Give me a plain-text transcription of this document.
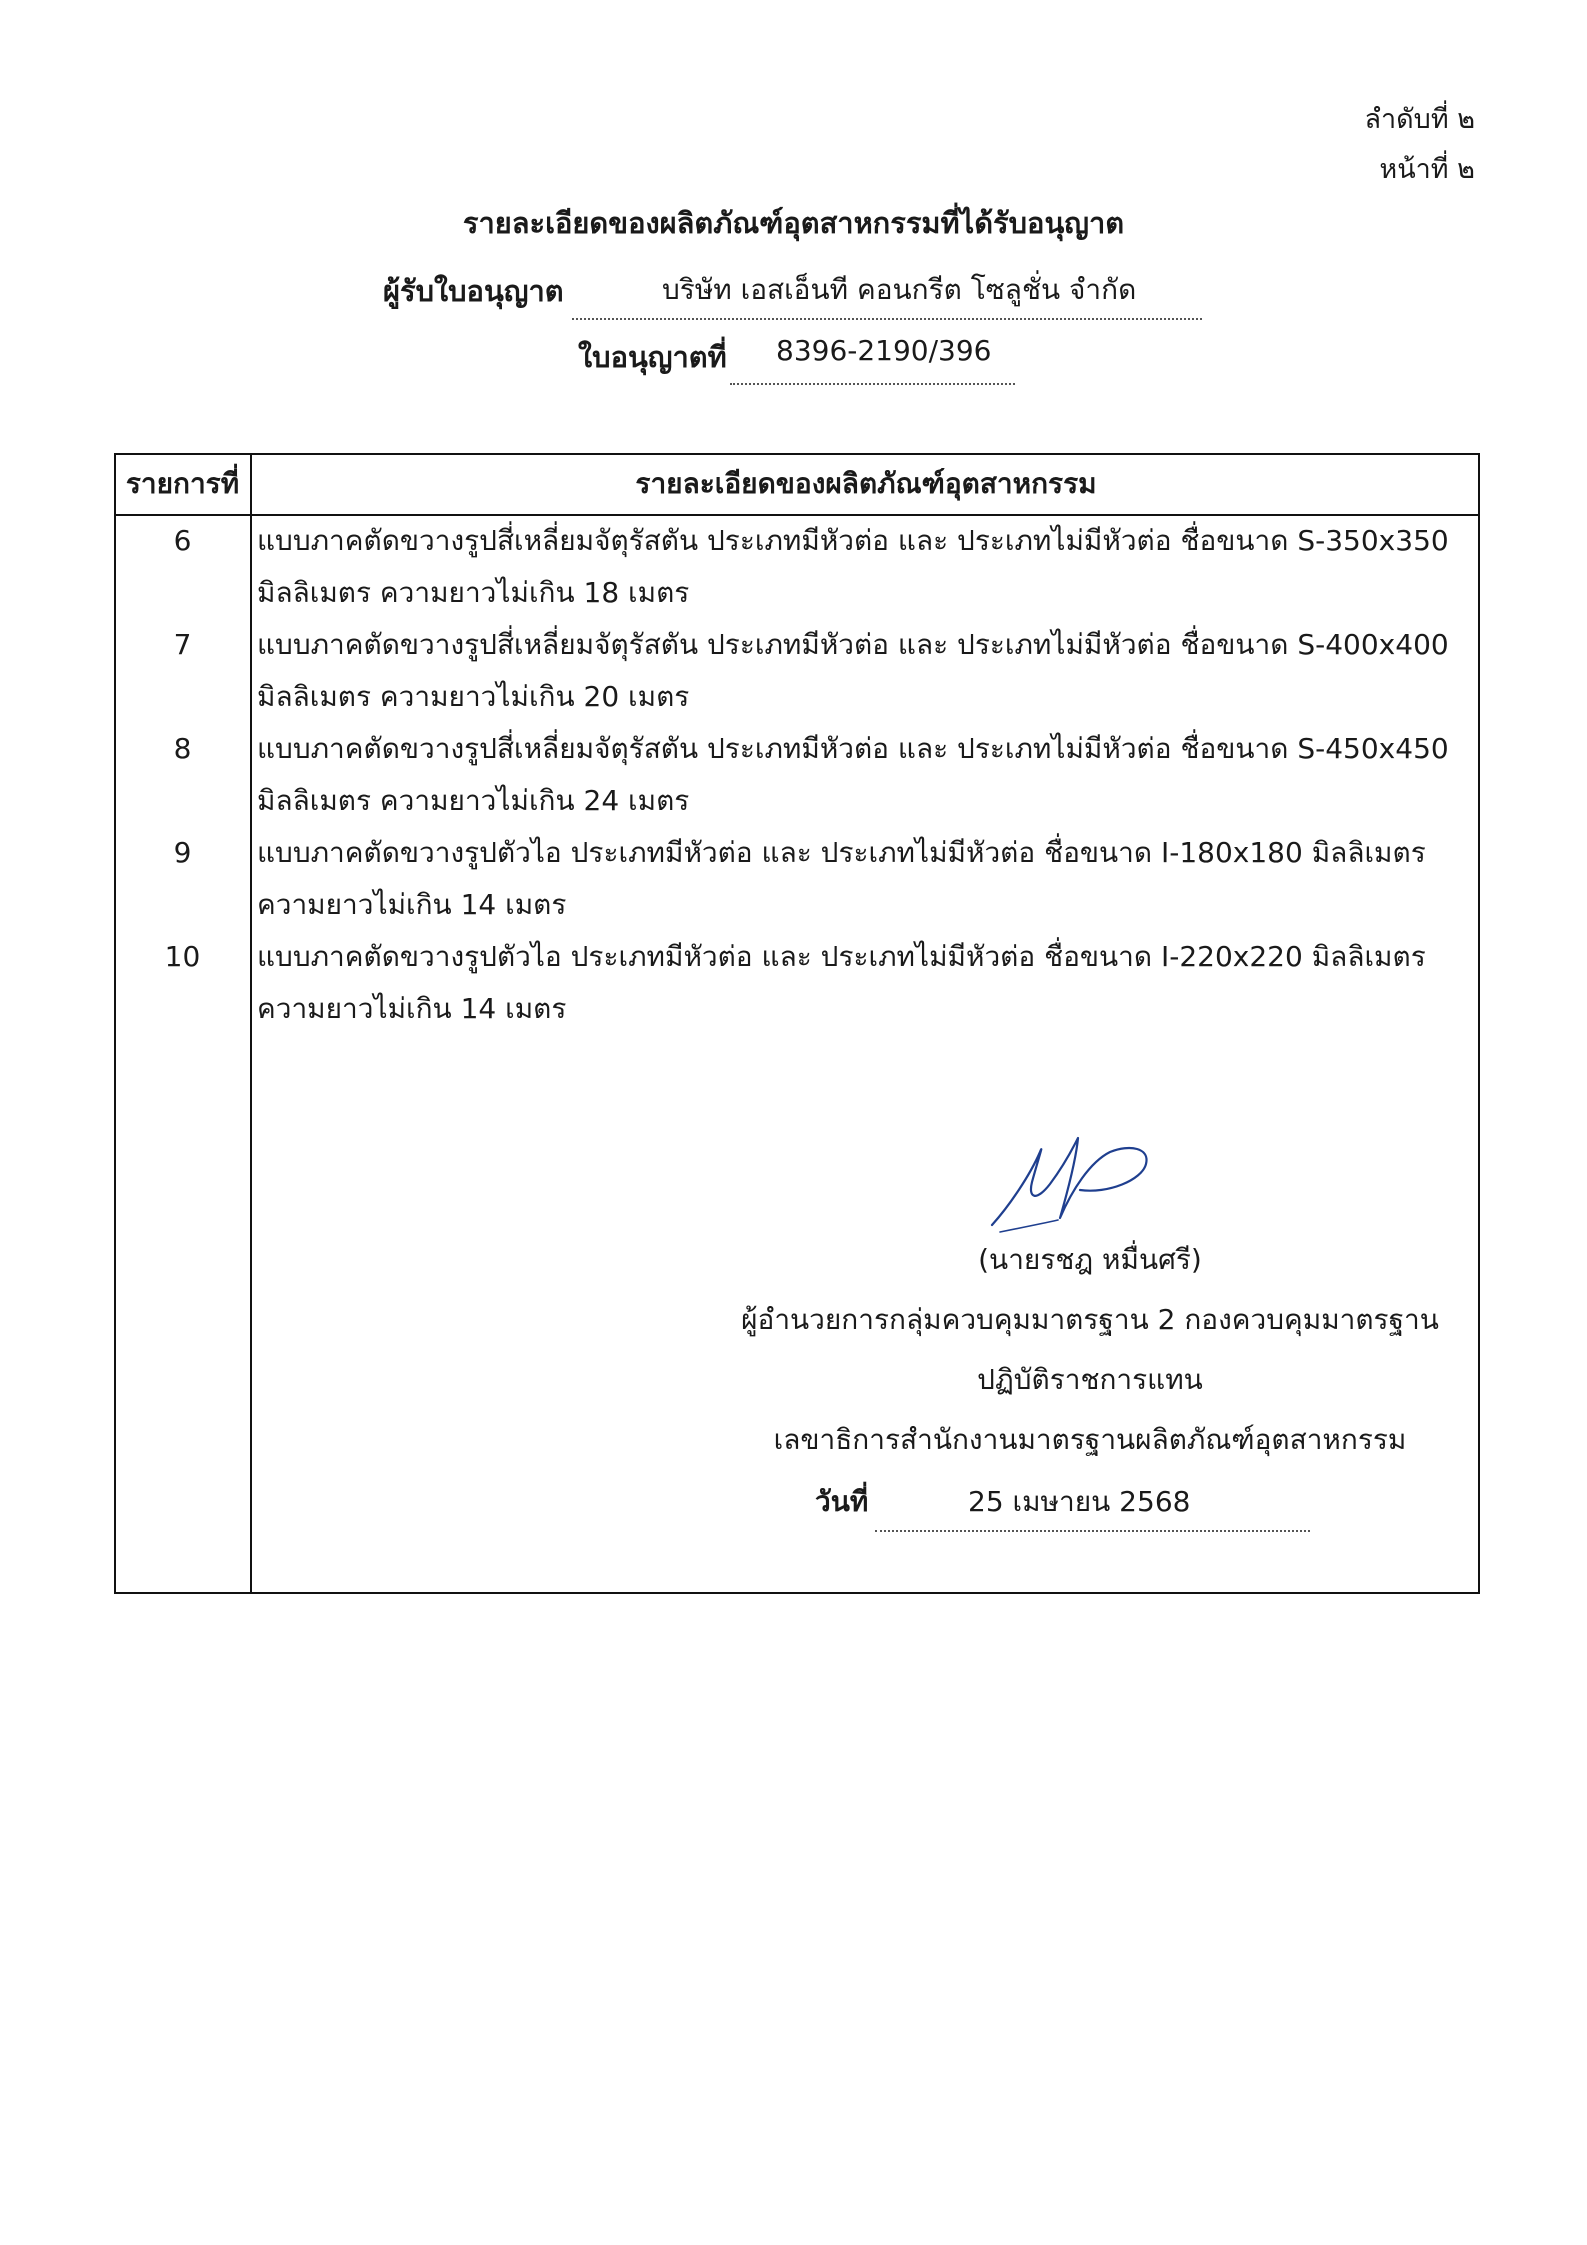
ลำดับที่ ๒
หน้าที่ ๒
รายละเอียดของผลิตภัณฑ์อุตสาหกรรมที่ได้รับอนุญาต
ผู้รับใบอนุญาต	บริษัท เอสเอ็นที คอนกรีต โซลูชั่น จำกัด
ใบอนุญาตที่ 8396-2190/396
รายการที่	รายละเอียดของผลิตภัณฑ์อุตสาหกรรม
6	แบบภาคตัดขวางรูปสี่เหลี่ยมจัตุรัสตัน ประเภทมีหัวต่อ และ ประเภทไม่มีหัวต่อ ชื่อขนาด S-350x350
มิลลิเมตร ความยาวไม่เกิน 18 เมตร
7	แบบภาคตัดขวางรูปสี่เหลี่ยมจัตุรัสตัน ประเภทมีหัวต่อ และ ประเภทไม่มีหัวต่อ ชื่อขนาด S-400x400
มิลลิเมตร ความยาวไม่เกิน 20 เมตร
8	แบบภาคตัดขวางรูปสี่เหลี่ยมจัตุรัสตัน ประเภทมีหัวต่อ และ ประเภทไม่มีหัวต่อ ชื่อขนาด S-450x450
มิลลิเมตร ความยาวไม่เกิน 24 เมตร
9	แบบภาคตัดขวางรูปตัวไอ ประเภทมีหัวต่อ และ ประเภทไม่มีหัวต่อ ชื่อขนาด I-180x180 มิลลิเมตร
ความยาวไม่เกิน 14 เมตร
10	แบบภาคตัดขวางรูปตัวไอ ประเภทมีหัวต่อ และ ประเภทไม่มีหัวต่อ ชื่อขนาด I-220x220 มิลลิเมตร
ความยาวไม่เกิน 14 เมตร
(นายรชฎ หมื่นศรี)
ผู้อำนวยการกลุ่มควบคุมมาตรฐาน 2 กองควบคุมมาตรฐาน
ปฏิบัติราชการแทน
เลขาธิการสำนักงานมาตรฐานผลิตภัณฑ์อุตสาหกรรม
วันที่	25 เมษายน 2568
